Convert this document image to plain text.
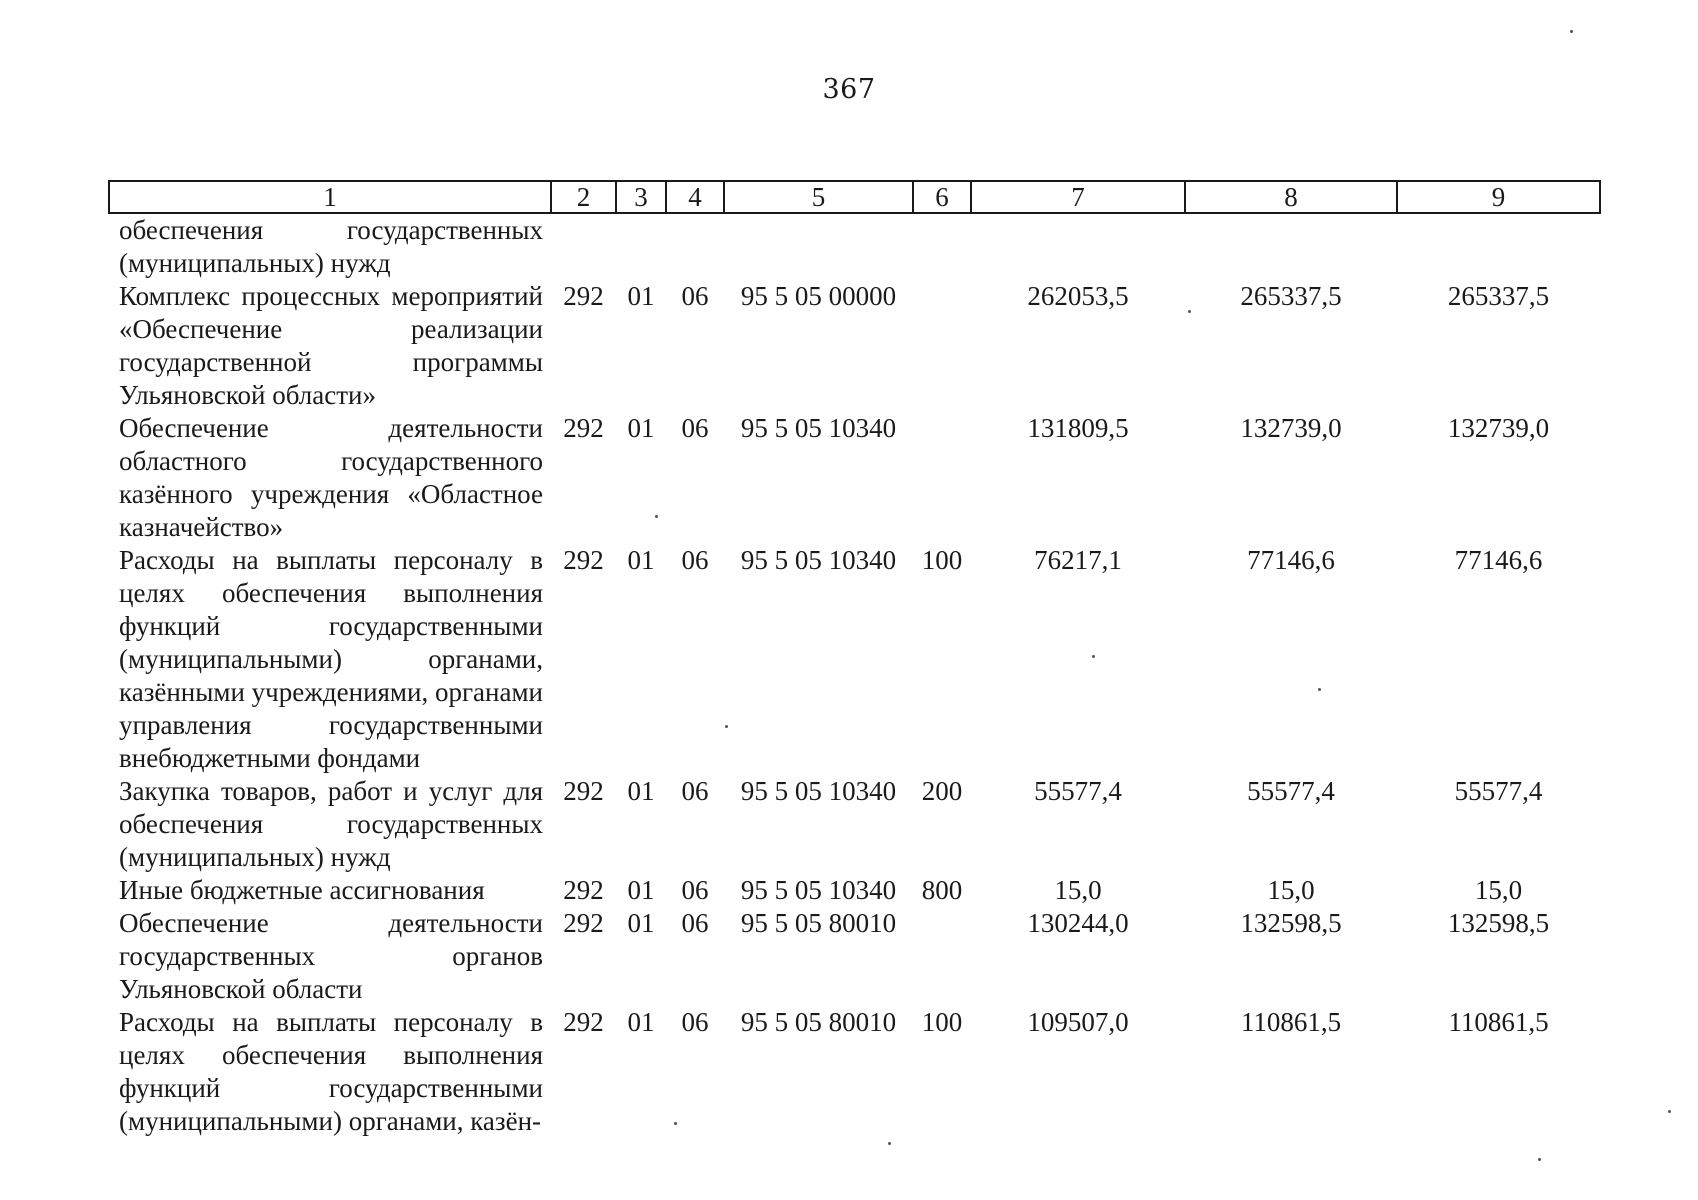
367
1	2	3	4	5	6	7	8	9
обеспечения государственных (муниципальных) нужд								
Комплекс процессных мероприятий «Обеспечение реализации государственной программы Ульяновской области»	292	01	06	95 5 05 00000		262053,5	265337,5	265337,5
Обеспечение деятельности областного государственного казённого учреждения «Областное казначейство»	292	01	06	95 5 05 10340		131809,5	132739,0	132739,0
Расходы на выплаты персоналу в целях обеспечения выполнения функций государственными (муниципальными) органами, казёнными учреждениями, органами управления государственными внебюджетными фондами	292	01	06	95 5 05 10340	100	76217,1	77146,6	77146,6
Закупка товаров, работ и услуг для обеспечения государственных (муниципальных) нужд	292	01	06	95 5 05 10340	200	55577,4	55577,4	55577,4
Иные бюджетные ассигнования	292	01	06	95 5 05 10340	800	15,0	15,0	15,0
Обеспечение деятельности государственных органов Ульяновской области	292	01	06	95 5 05 80010		130244,0	132598,5	132598,5
Расходы на выплаты персоналу в целях обеспечения выполнения функций государственными (муниципальными) органами, казён-	292	01	06	95 5 05 80010	100	109507,0	110861,5	110861,5
